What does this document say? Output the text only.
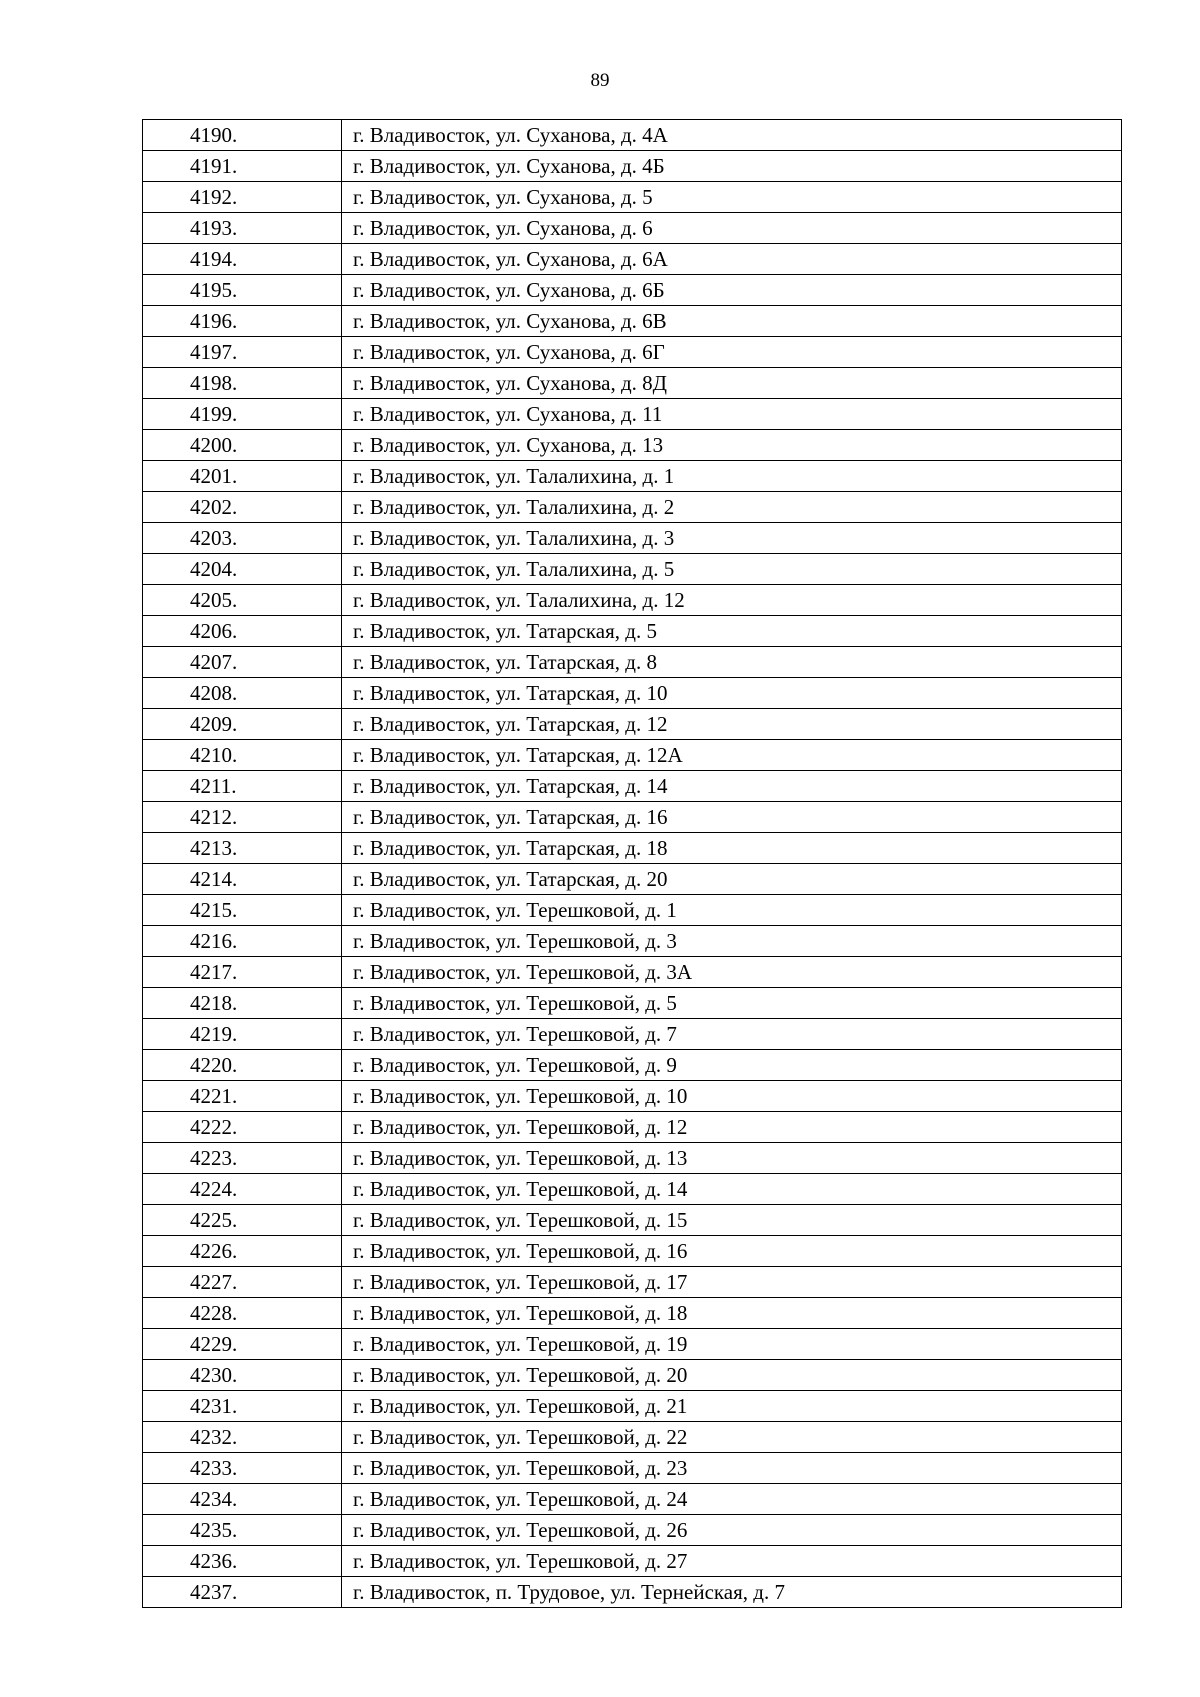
89
4190.	г. Владивосток, ул. Суханова, д. 4А
4191.	г. Владивосток, ул. Суханова, д. 4Б
4192.	г. Владивосток, ул. Суханова, д. 5
4193.	г. Владивосток, ул. Суханова, д. 6
4194.	г. Владивосток, ул. Суханова, д. 6А
4195.	г. Владивосток, ул. Суханова, д. 6Б
4196.	г. Владивосток, ул. Суханова, д. 6В
4197.	г. Владивосток, ул. Суханова, д. 6Г
4198.	г. Владивосток, ул. Суханова, д. 8Д
4199.	г. Владивосток, ул. Суханова, д. 11
4200.	г. Владивосток, ул. Суханова, д. 13
4201.	г. Владивосток, ул. Талалихина, д. 1
4202.	г. Владивосток, ул. Талалихина, д. 2
4203.	г. Владивосток, ул. Талалихина, д. 3
4204.	г. Владивосток, ул. Талалихина, д. 5
4205.	г. Владивосток, ул. Талалихина, д. 12
4206.	г. Владивосток, ул. Татарская, д. 5
4207.	г. Владивосток, ул. Татарская, д. 8
4208.	г. Владивосток, ул. Татарская, д. 10
4209.	г. Владивосток, ул. Татарская, д. 12
4210.	г. Владивосток, ул. Татарская, д. 12А
4211.	г. Владивосток, ул. Татарская, д. 14
4212.	г. Владивосток, ул. Татарская, д. 16
4213.	г. Владивосток, ул. Татарская, д. 18
4214.	г. Владивосток, ул. Татарская, д. 20
4215.	г. Владивосток, ул. Терешковой, д. 1
4216.	г. Владивосток, ул. Терешковой, д. 3
4217.	г. Владивосток, ул. Терешковой, д. 3А
4218.	г. Владивосток, ул. Терешковой, д. 5
4219.	г. Владивосток, ул. Терешковой, д. 7
4220.	г. Владивосток, ул. Терешковой, д. 9
4221.	г. Владивосток, ул. Терешковой, д. 10
4222.	г. Владивосток, ул. Терешковой, д. 12
4223.	г. Владивосток, ул. Терешковой, д. 13
4224.	г. Владивосток, ул. Терешковой, д. 14
4225.	г. Владивосток, ул. Терешковой, д. 15
4226.	г. Владивосток, ул. Терешковой, д. 16
4227.	г. Владивосток, ул. Терешковой, д. 17
4228.	г. Владивосток, ул. Терешковой, д. 18
4229.	г. Владивосток, ул. Терешковой, д. 19
4230.	г. Владивосток, ул. Терешковой, д. 20
4231.	г. Владивосток, ул. Терешковой, д. 21
4232.	г. Владивосток, ул. Терешковой, д. 22
4233.	г. Владивосток, ул. Терешковой, д. 23
4234.	г. Владивосток, ул. Терешковой, д. 24
4235.	г. Владивосток, ул. Терешковой, д. 26
4236.	г. Владивосток, ул. Терешковой, д. 27
4237.	г. Владивосток, п. Трудовое, ул. Тернейская, д. 7
